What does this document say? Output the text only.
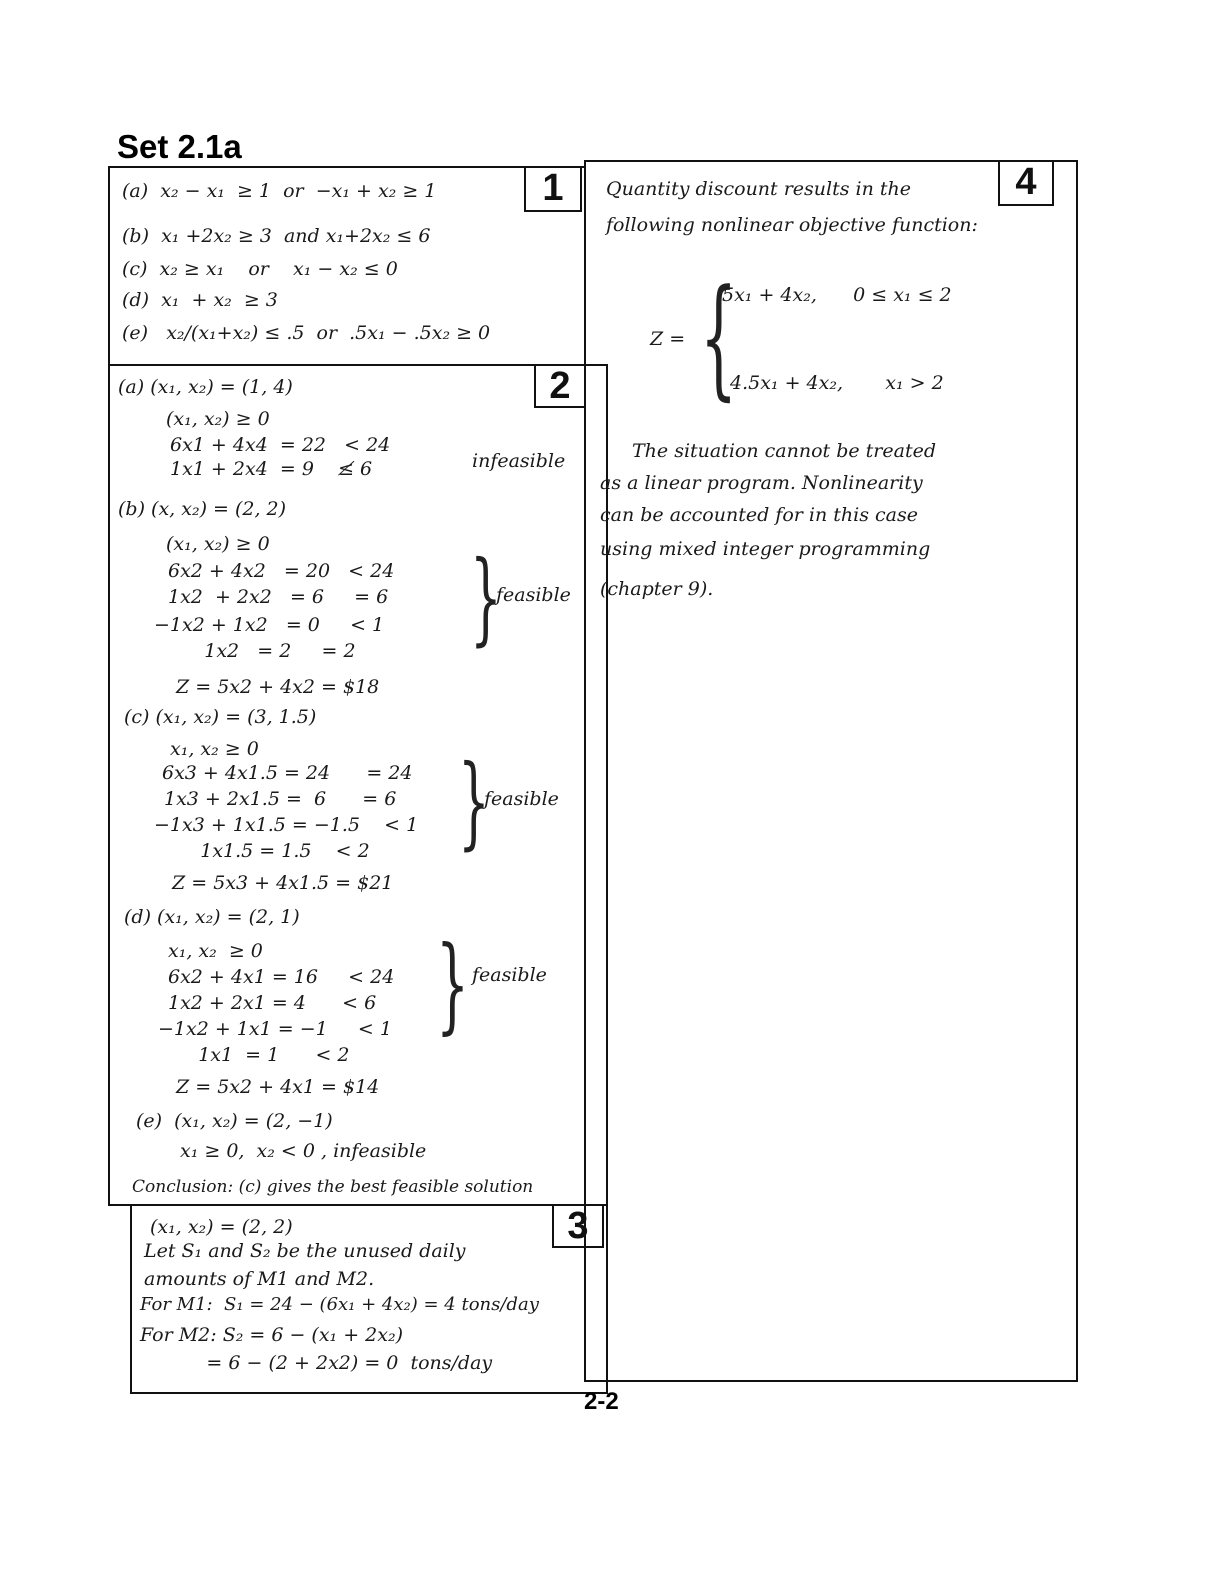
Set 2.1a
1
(a)  x₂ − x₁  ≥ 1  or  −x₁ + x₂ ≥ 1
(b)  x₁ +2x₂ ≥ 3  and x₁+2x₂ ≤ 6
(c)  x₂ ≥ x₁    or    x₁ − x₂ ≤ 0
(d)  x₁  + x₂  ≥ 3
(e)   x₂/(x₁+x₂) ≤ .5  or  .5x₁ − .5x₂ ≥ 0
2
(a) (x₁, x₂) = (1, 4)
(x₁, x₂) ≥ 0
6x1 + 4x4  = 22   < 24
1x1 + 2x4  = 9    ≰ 6	infeasible
(b) (x, x₂) = (2, 2)
(x₁, x₂) ≥ 0
6x2 + 4x2   = 20   < 24
1x2  + 2x2   = 6     = 6
−1x2 + 1x2   = 0     < 1
1x2   = 2     = 2 }
feasible
Z = 5x2 + 4x2 = $18
(c) (x₁, x₂) = (3, 1.5)
x₁, x₂ ≥ 0
6x3 + 4x1.5 = 24      = 24
1x3 + 2x1.5 =  6      = 6
−1x3 + 1x1.5 = −1.5    < 1
1x1.5 = 1.5    < 2 }
feasible
Z = 5x3 + 4x1.5 = $21
(d) (x₁, x₂) = (2, 1)
x₁, x₂  ≥ 0
6x2 + 4x1 = 16     < 24
1x2 + 2x1 = 4      < 6
−1x2 + 1x1 = −1     < 1
1x1  = 1      < 2
} feasible
Z = 5x2 + 4x1 = $14
(e)  (x₁, x₂) = (2, −1)
x₁ ≥ 0,  x₂ < 0 , infeasible
Conclusion: (c) gives the best feasible solution
3
(x₁, x₂) = (2, 2)
Let S₁ and S₂ be the unused daily
amounts of M1 and M2.
For M1:  S₁ = 24 − (6x₁ + 4x₂) = 4 tons/day
For M2: S₂ = 6 − (x₁ + 2x₂)
= 6 − (2 + 2x2) = 0  tons/day
4
Quantity discount results in the
following nonlinear objective function:
Z = {
5x₁ + 4x₂,      0 ≤ x₁ ≤ 2
4.5x₁ + 4x₂,       x₁ > 2
The situation cannot be treated
as a linear program. Nonlinearity
can be accounted for in this case
using mixed integer programming
(chapter 9).
2-2
